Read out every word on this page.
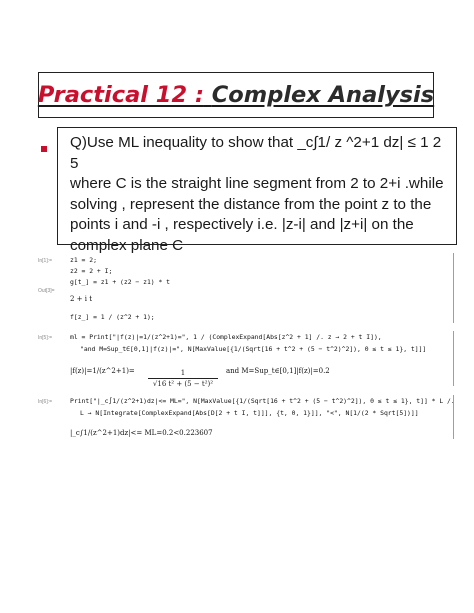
Practical 12 : Complex Analysis
Q)Use ML inequality to show that _c∫1/ z ^2+1 dz| ≤ 1 2 5
where C is the straight line segment from 2 to 2+i .while
solving , represent the distance from the point z to the
points i and -i , respectively i.e. |z-i| and |z+i| on the
complex plane C
In[1]:=	z1 = 2;
z2 = 2 + I;
g[t_] = z1 + (z2 − z1) * t
Out[3]=
2 + i t
f[z_] = 1 / (z^2 + 1);
In[5]:=	ml = Print["|f(z)|=1/(z^2+1)=", 1 / (ComplexExpand[Abs[z^2 + 1] /. z → 2 + t I]),
"and M=Sup_t∈[0,1]|f(z)|=", N[MaxValue[{1/(Sqrt[16 + t^2 + (5 − t^2)^2]), 0 ≤ t ≤ 1}, t]]]
|f(z)|=1/(z^2+1)=	1
√16 t² + (5 − t²)²
and M=Sup_t∈[0,1]|f(z)|=0.2
In[6]:=	Print["|_c∫1/(z^2+1)dz|<= ML=", N[MaxValue[{1/(Sqrt[16 + t^2 + (5 − t^2)^2]), 0 ≤ t ≤ 1}, t]] * L /.
L → N[Integrate[ComplexExpand[Abs[D[2 + t I, t]]], {t, 0, 1}]], "<", N[1/(2 * Sqrt[5])]]
|_c∫1/(z^2+1)dz|<= ML=0.2<0.223607
